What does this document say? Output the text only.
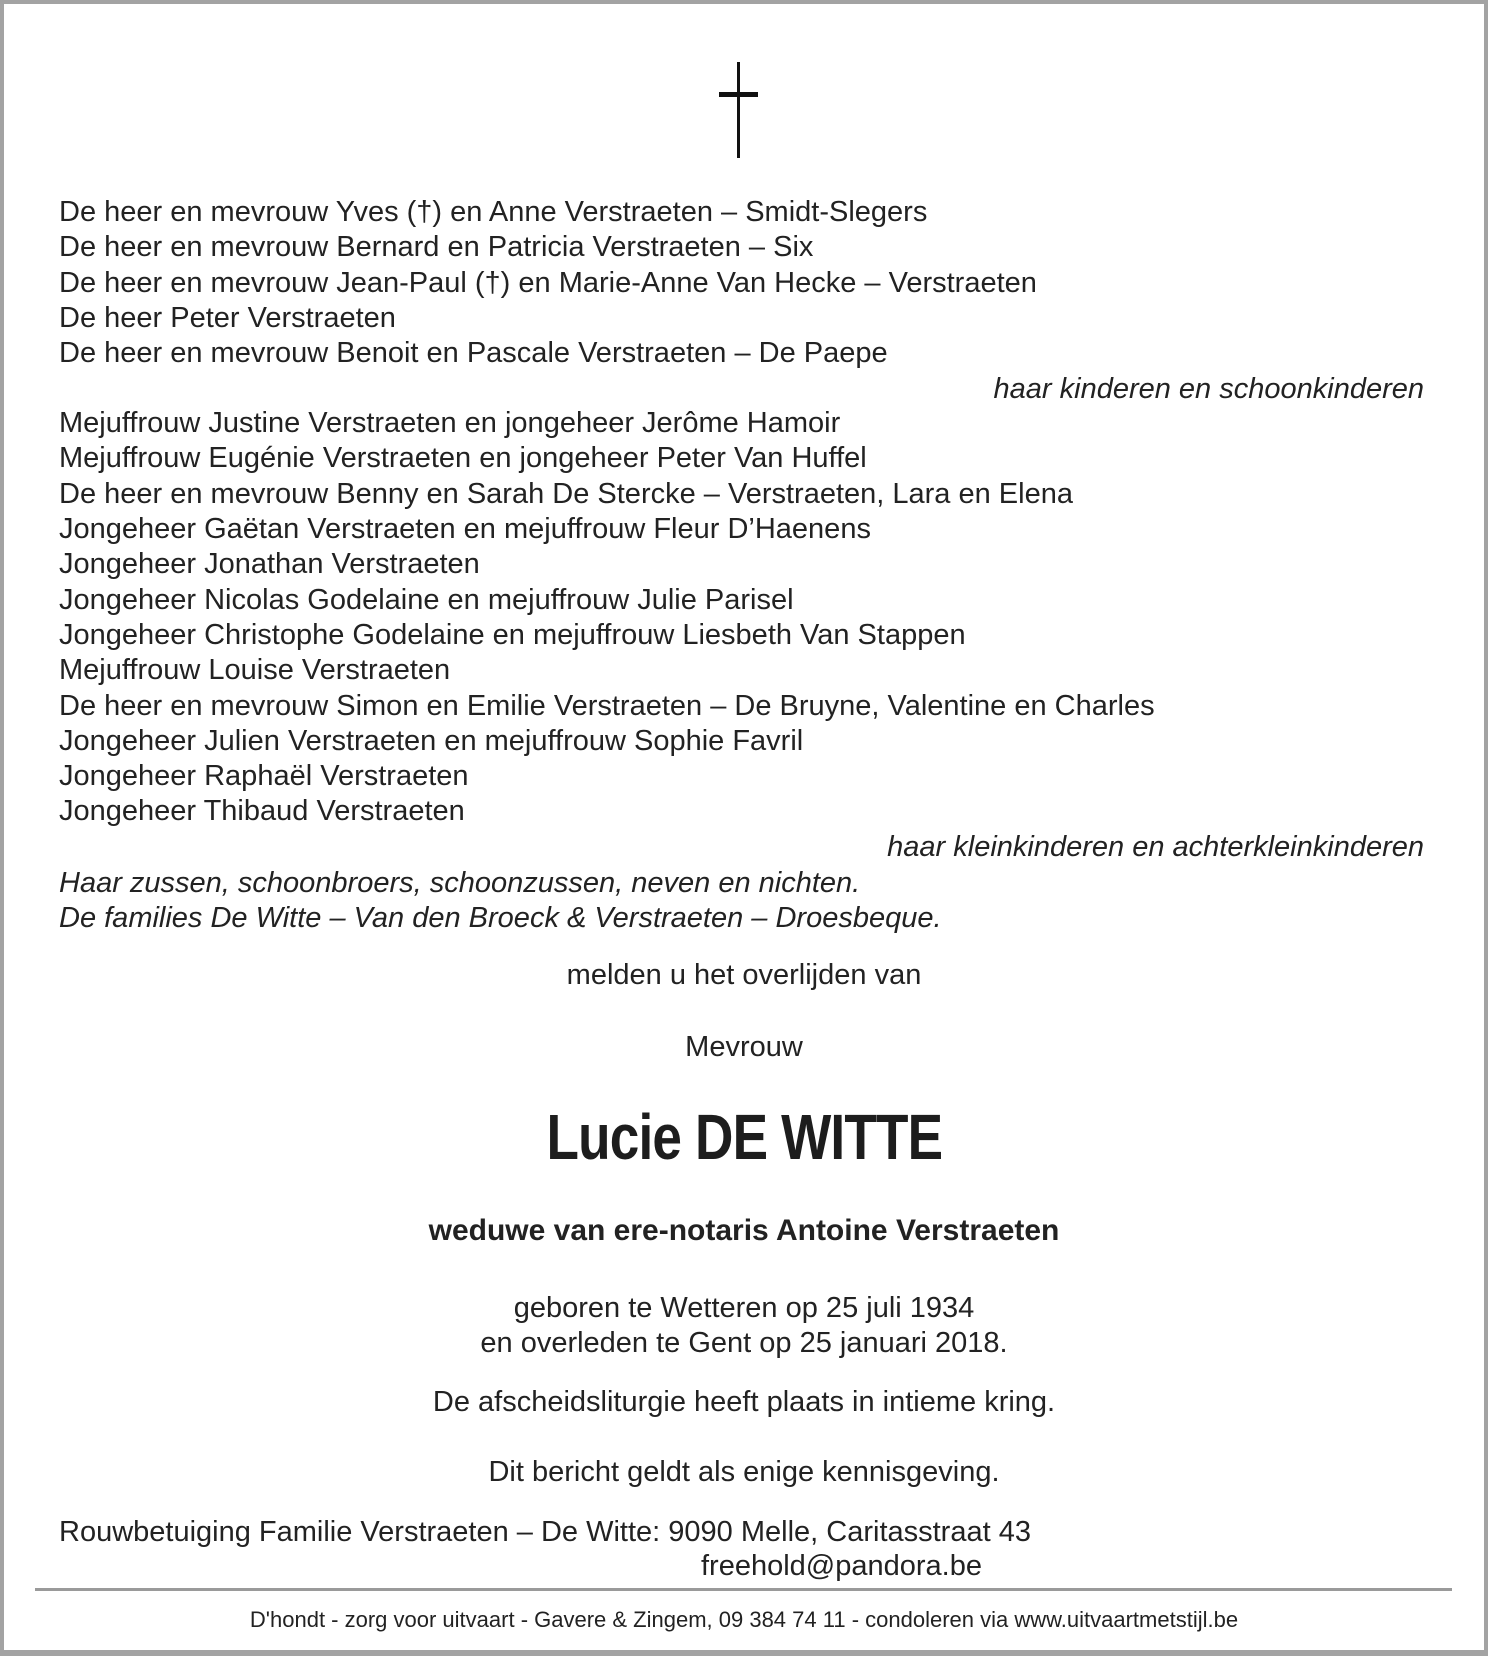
De heer en mevrouw Yves (†) en Anne Verstraeten – Smidt-Slegers
De heer en mevrouw Bernard en Patricia Verstraeten – Six
De heer en mevrouw Jean-Paul (†) en Marie-Anne Van Hecke – Verstraeten
De heer Peter Verstraeten
De heer en mevrouw Benoit en Pascale Verstraeten – De Paepe
haar kinderen en schoonkinderen
Mejuffrouw Justine Verstraeten en jongeheer Jerôme Hamoir
Mejuffrouw Eugénie Verstraeten en jongeheer Peter Van Huffel
De heer en mevrouw Benny en Sarah De Stercke – Verstraeten, Lara en Elena
Jongeheer Gaëtan Verstraeten en mejuffrouw Fleur D’Haenens
Jongeheer Jonathan Verstraeten
Jongeheer Nicolas Godelaine en mejuffrouw Julie Parisel
Jongeheer Christophe Godelaine en mejuffrouw Liesbeth Van Stappen
Mejuffrouw Louise Verstraeten
De heer en mevrouw Simon en Emilie Verstraeten – De Bruyne, Valentine en Charles
Jongeheer Julien Verstraeten en mejuffrouw Sophie Favril
Jongeheer Raphaël Verstraeten
Jongeheer Thibaud Verstraeten
haar kleinkinderen en achterkleinkinderen
Haar zussen, schoonbroers, schoonzussen, neven en nichten.
De families De Witte – Van den Broeck & Verstraeten – Droesbeque.
melden u het overlijden van
Mevrouw
Lucie DE WITTE
weduwe van ere-notaris Antoine Verstraeten
geboren te Wetteren op 25 juli 1934
en overleden te Gent op 25 januari 2018.
De afscheidsliturgie heeft plaats in intieme kring.
Dit bericht geldt als enige kennisgeving.
Rouwbetuiging Familie Verstraeten – De Witte: 9090 Melle, Caritasstraat 43
freehold@pandora.be
D'hondt - zorg voor uitvaart - Gavere & Zingem, 09 384 74 11 - condoleren via www.uitvaartmetstijl.be
